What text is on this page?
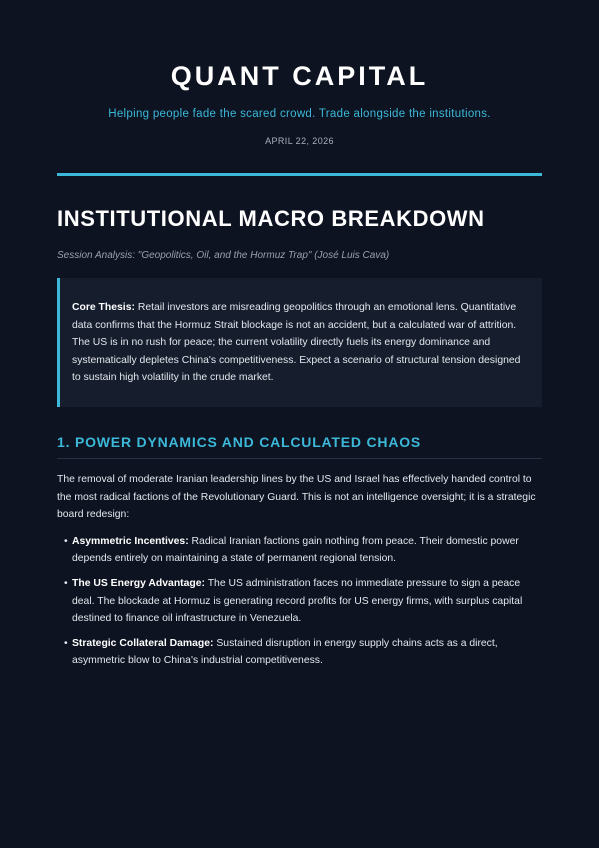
QUANT CAPITAL
Helping people fade the scared crowd. Trade alongside the institutions.
APRIL 22, 2026
INSTITUTIONAL MACRO BREAKDOWN
Session Analysis: "Geopolitics, Oil, and the Hormuz Trap" (José Luis Cava)
Core Thesis: Retail investors are misreading geopolitics through an emotional lens. Quantitative data confirms that the Hormuz Strait blockage is not an accident, but a calculated war of attrition. The US is in no rush for peace; the current volatility directly fuels its energy dominance and systematically depletes China's competitiveness. Expect a scenario of structural tension designed to sustain high volatility in the crude market.
1. POWER DYNAMICS AND CALCULATED CHAOS
The removal of moderate Iranian leadership lines by the US and Israel has effectively handed control to the most radical factions of the Revolutionary Guard. This is not an intelligence oversight; it is a strategic board redesign:
• Asymmetric Incentives: Radical Iranian factions gain nothing from peace. Their domestic power depends entirely on maintaining a state of permanent regional tension.
• The US Energy Advantage: The US administration faces no immediate pressure to sign a peace deal. The blockade at Hormuz is generating record profits for US energy firms, with surplus capital destined to finance oil infrastructure in Venezuela.
• Strategic Collateral Damage: Sustained disruption in energy supply chains acts as a direct, asymmetric blow to China's industrial competitiveness.
